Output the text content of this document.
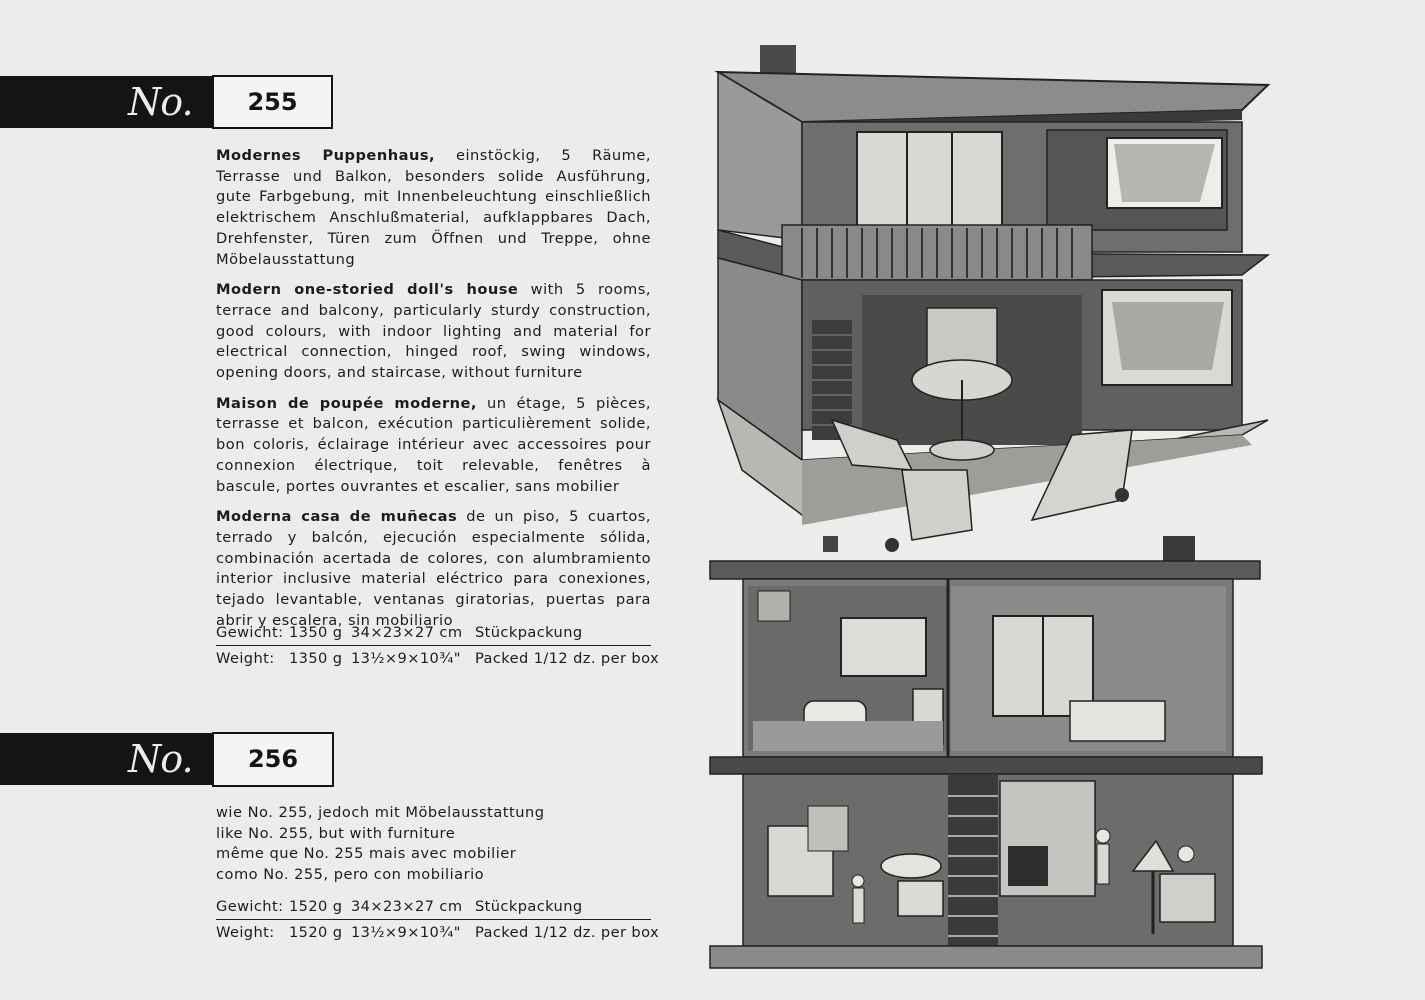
No.	255

Modernes Puppenhaus, einstöckig, 5 Räume, Terrasse und Balkon, besonders solide Ausführung, gute Farbgebung, mit Innenbeleuchtung einschließlich elektrischem Anschlußmaterial, aufklappbares Dach, Drehfenster, Türen zum Öffnen und Treppe, ohne Möbelausstattung

Modern one-storied doll's house with 5 rooms, terrace and balcony, particularly sturdy construction, good colours, with indoor lighting and material for electrical connection, hinged roof, swing windows, opening doors, and staircase, without furniture

Maison de poupée moderne, un étage, 5 pièces, terrasse et balcon, exécution particulièrement solide, bon coloris, éclairage intérieur avec accessoires pour connexion électrique, toit relevable, fenêtres à bascule, portes ouvrantes et escalier, sans mobilier

Moderna casa de muñecas de un piso, 5 cuartos, terrado y balcón, ejecución especialmente sólida, combinación acertada de colores, con alumbramiento interior inclusive material eléctrico para conexiones, tejado levantable, ventanas giratorias, puertas para abrir y escalera, sin mobiliario

Gewicht: 1350 g 34×23×27 cm Stückpackung
Weight: 1350 g 13½×9×10¾" Packed 1/12 dz. per box
No.	256
wie No. 255, jedoch mit Möbelausstattung
like No. 255, but with furniture
même que No. 255 mais avec mobilier
como No. 255, pero con mobiliario
Gewicht: 1520 g 34×23×27 cm Stückpackung
Weight: 1520 g 13½×9×10¾" Packed 1/12 dz. per box
